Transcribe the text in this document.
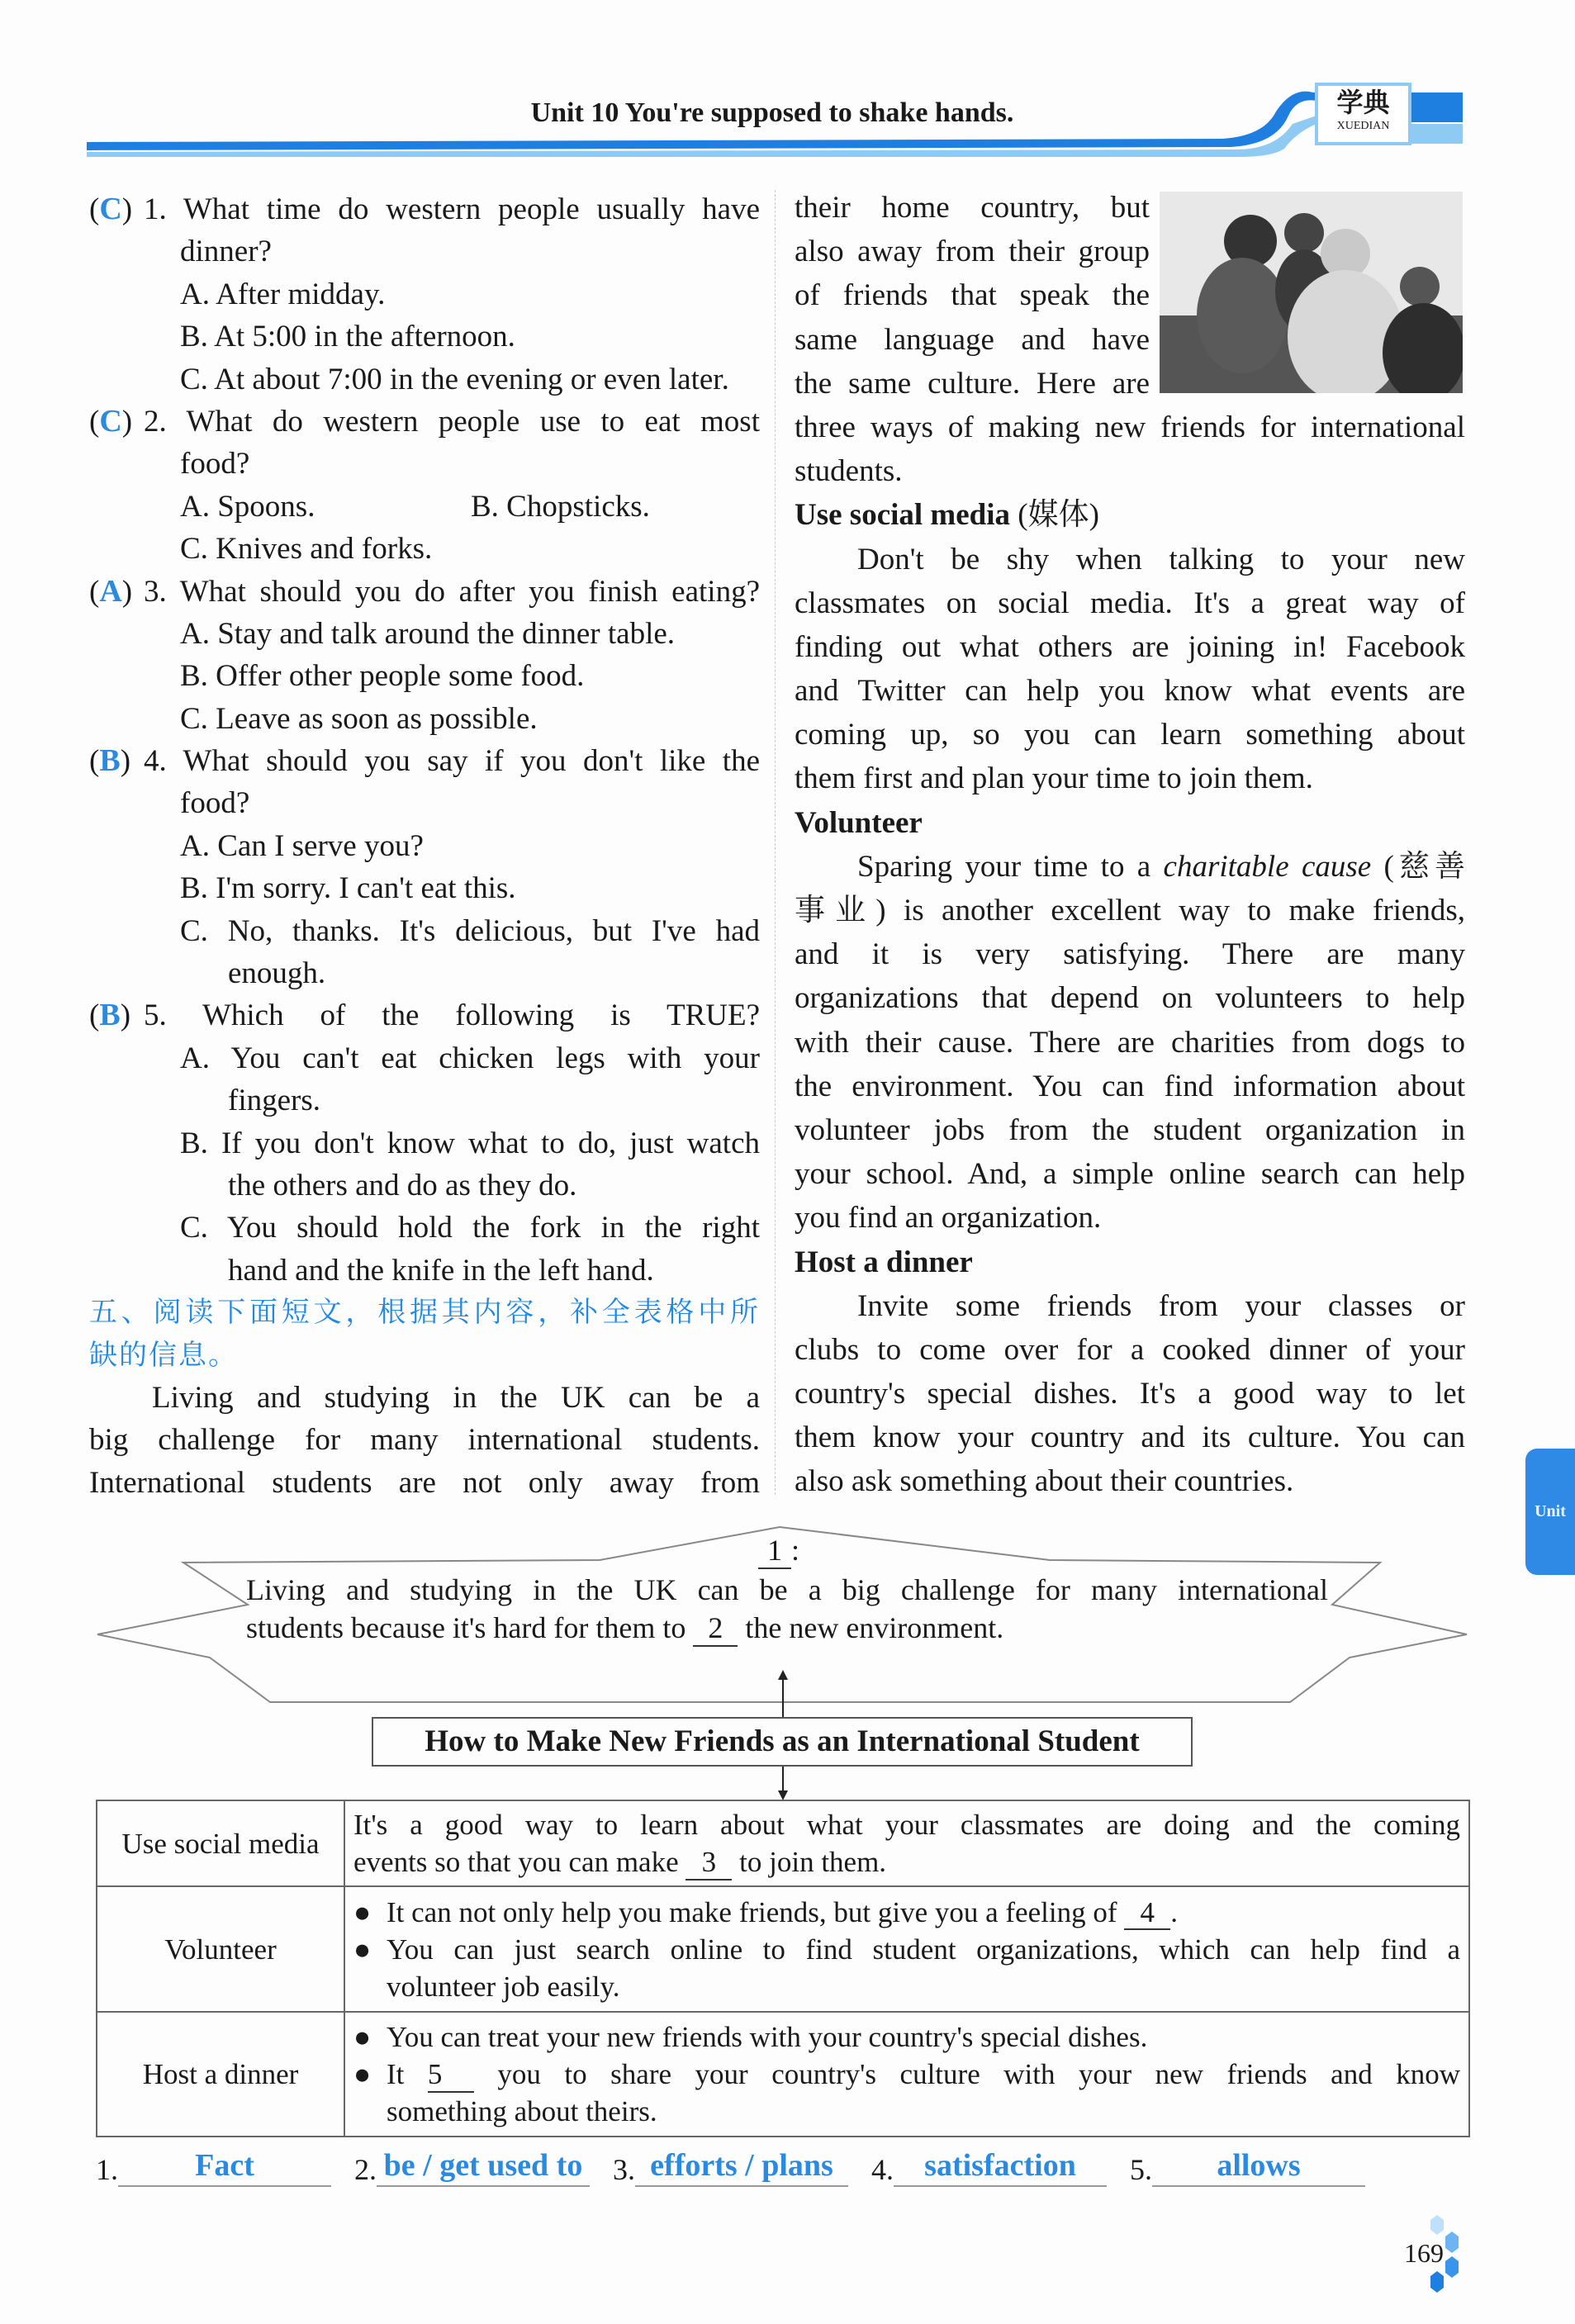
学典
XUEDIAN
Unit 10 You're supposed to shake hands.
(C) 1. What time do western people usually have
dinner?
A. After midday.
B. At 5:00 in the afternoon.
C. At about 7:00 in the evening or even later.
(C) 2. What do western people use to eat most
food?
A. Spoons.	B. Chopsticks.
C. Knives and forks.
(A) 3. What should you do after you finish eating?
A. Stay and talk around the dinner table.
B. Offer other people some food.
C. Leave as soon as possible.
(B) 4. What should you say if you don't like the
food?
A. Can I serve you?
B. I'm sorry. I can't eat this.
C. No, thanks. It's delicious, but I've had
enough.
(B) 5. Which of the following is TRUE?
A. You can't eat chicken legs with your
fingers.
B. If you don't know what to do, just watch
the others and do as they do.
C. You should hold the fork in the right
hand and the knife in the left hand.
五、阅读下面短文，根据其内容，补全表格中所
缺的信息。
Living and studying in the UK can be a
big challenge for many international students.
International students are not only away from
their home country, but
also away from their group
of friends that speak the
same language and have
the same culture. Here are
three ways of making new friends for international
students.
Use social media (媒体)
Don't be shy when talking to your new
classmates on social media. It's a great way of
finding out what others are joining in! Facebook
and Twitter can help you know what events are
coming up, so you can learn something about
them first and plan your time to join them.
Volunteer
Sparing your time to a charitable cause (慈善
事业) is another excellent way to make friends,
and it is very satisfying. There are many
organizations that depend on volunteers to help
with their cause. There are charities from dogs to
the environment. You can find information about
volunteer jobs from the student organization in
your school. And, a simple online search can help
you find an organization.
Host a dinner
Invite some friends from your classes or
clubs to come over for a cooked dinner of your
country's special dishes. It's a good way to let
them know your country and its culture. You can
also ask something about their countries.
1 :
Living and studying in the UK can be a big challenge for many international
students because it's hard for them to 2 the new environment.
How to Make New Friends as an International Student
Use social media	It's a good way to learn about what your classmates are doing and the coming
events so that you can make 3 to join them.

Volunteer	● It can not only help you make friends, but give you a feeling of 4 .
● You can just search online to find student organizations, which can help find a
volunteer job easily.

Host a dinner	● You can treat your new friends with your country's special dishes.
● It 5 you to share your country's culture with your new friends and know
something about theirs.
1.	Fact	2. be / get used to 3. efforts / plans	4. satisfaction	5.	allows
Unit
169
